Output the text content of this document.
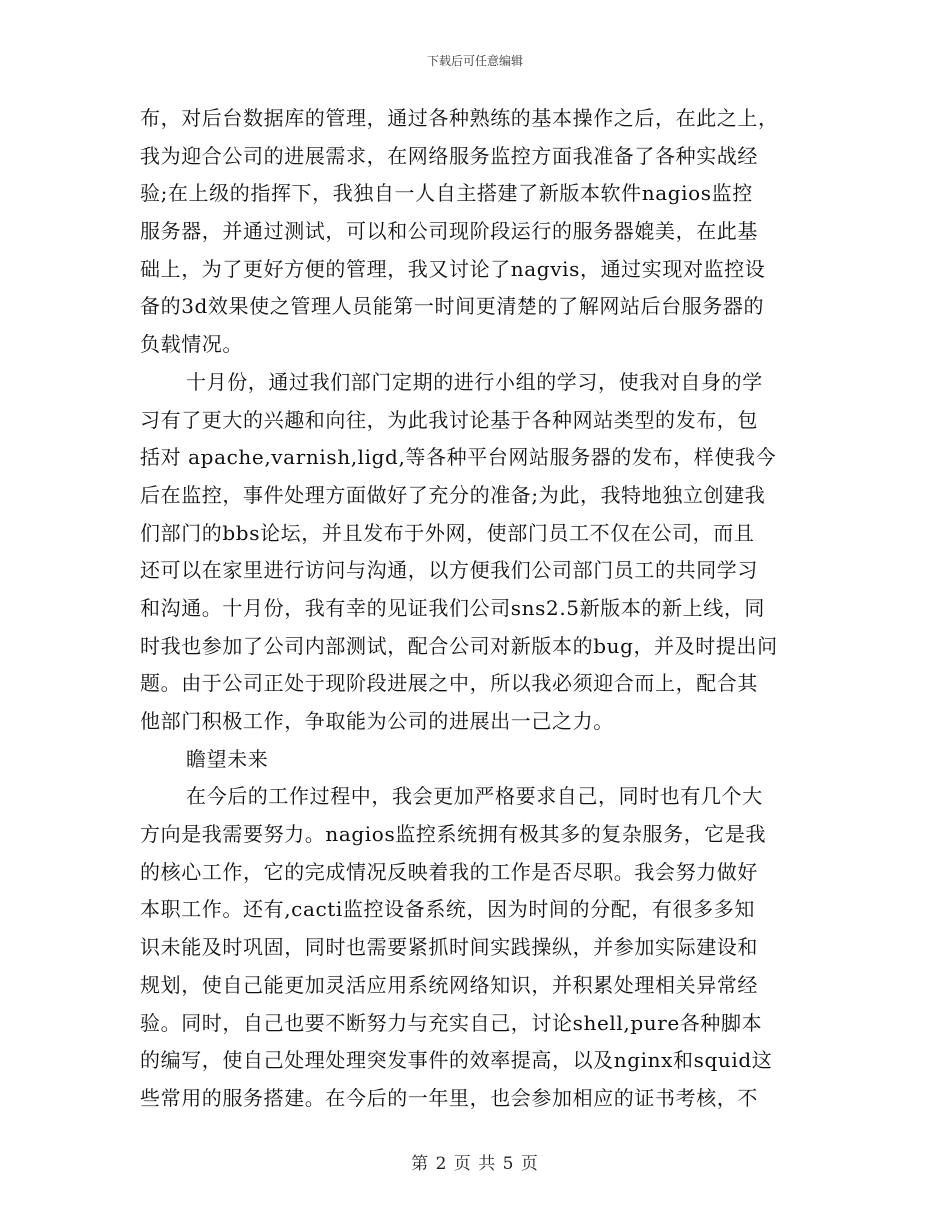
下载后可任意编辑
布，对后台数据库的管理，通过各种熟练的基本操作之后，在此之上，
我为迎合公司的进展需求，在网络服务监控方面我准备了各种实战经
验;在上级的指挥下，我独自一人自主搭建了新版本软件nagios监控
服务器，并通过测试，可以和公司现阶段运行的服务器媲美，在此基
础上，为了更好方便的管理，我又讨论了nagvis，通过实现对监控设
备的3d效果使之管理人员能第一时间更清楚的了解网站后台服务器的
负载情况。
十月份，通过我们部门定期的进行小组的学习，使我对自身的学
习有了更大的兴趣和向往，为此我讨论基于各种网站类型的发布，包
括对 apache,varnish,ligd,等各种平台网站服务器的发布，样使我今
后在监控，事件处理方面做好了充分的准备;为此，我特地独立创建我
们部门的bbs论坛，并且发布于外网，使部门员工不仅在公司，而且
还可以在家里进行访问与沟通，以方便我们公司部门员工的共同学习
和沟通。十月份，我有幸的见证我们公司sns2.5新版本的新上线，同
时我也参加了公司内部测试，配合公司对新版本的bug，并及时提出问
题。由于公司正处于现阶段进展之中，所以我必须迎合而上，配合其
他部门积极工作，争取能为公司的进展出一己之力。
瞻望未来
在今后的工作过程中，我会更加严格要求自己，同时也有几个大
方向是我需要努力。nagios监控系统拥有极其多的复杂服务，它是我
的核心工作，它的完成情况反映着我的工作是否尽职。我会努力做好
本职工作。还有,cacti监控设备系统，因为时间的分配，有很多多知
识未能及时巩固，同时也需要紧抓时间实践操纵，并参加实际建设和
规划，使自己能更加灵活应用系统网络知识，并积累处理相关异常经
验。同时，自己也要不断努力与充实自己，讨论shell,pure各种脚本
的编写，使自己处理处理突发事件的效率提高，以及nginx和squid这
些常用的服务搭建。在今后的一年里，也会参加相应的证书考核，不
第 2 页 共 5 页
